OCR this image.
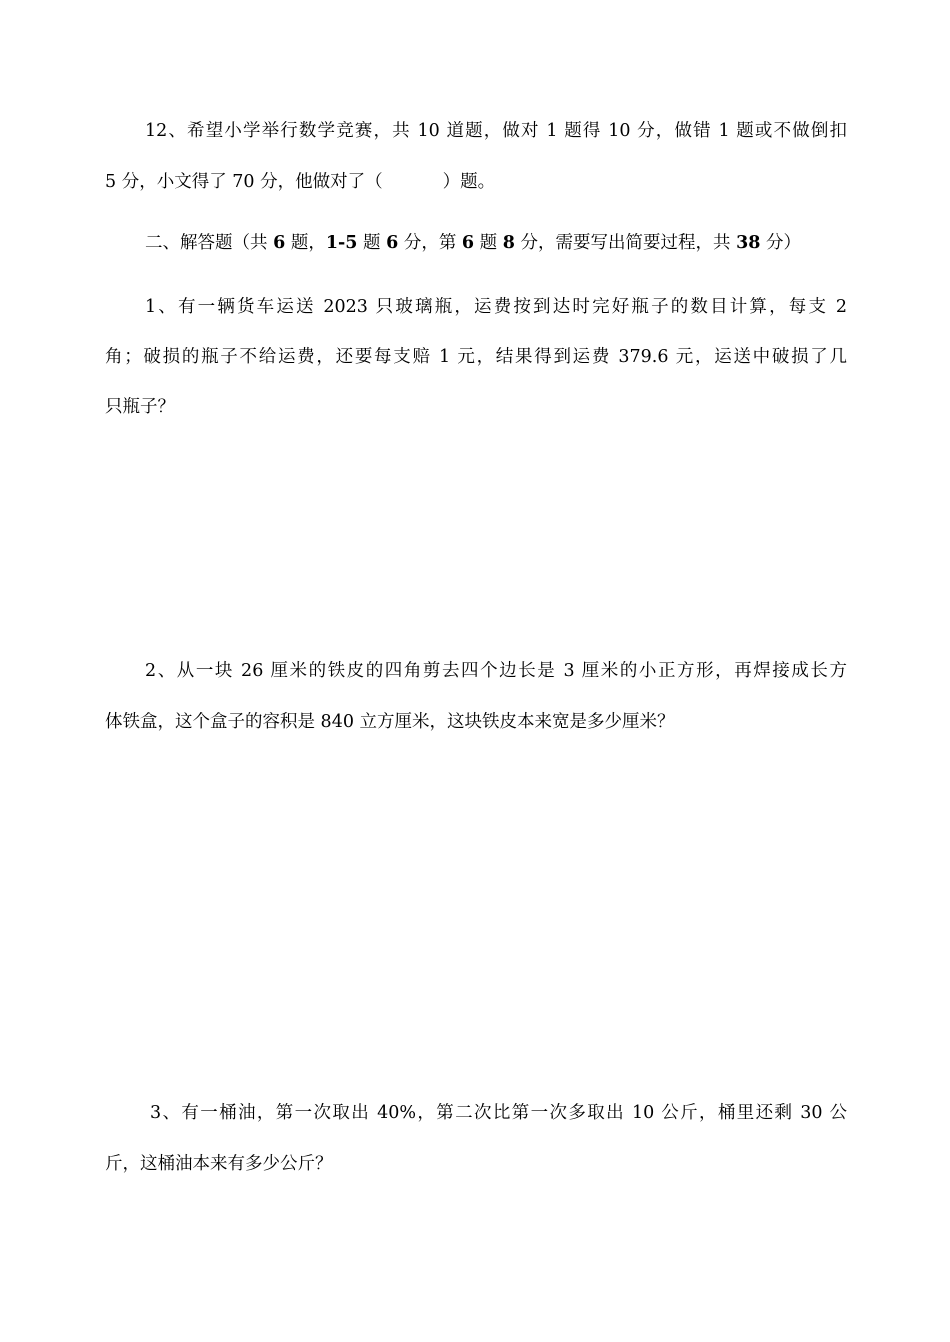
12、希望小学举行数学竞赛，共 10 道题，做对 1 题得 10 分，做错 1 题或不做倒扣
5 分，小文得了 70 分，他做对了（	）题。
二、解答题（共 6 题，1-5 题 6 分，第 6 题 8 分，需要写出简要过程，共 38 分）
1、有一辆货车运送 2023 只玻璃瓶，运费按到达时完好瓶子的数目计算，每支 2
角；破损的瓶子不给运费，还要每支赔 1 元，结果得到运费 379.6 元，运送中破损了几
只瓶子？
2、从一块 26 厘米的铁皮的四角剪去四个边长是 3 厘米的小正方形，再焊接成长方
体铁盒，这个盒子的容积是 840 立方厘米，这块铁皮本来宽是多少厘米？
3、有一桶油，第一次取出 40%，第二次比第一次多取出 10 公斤，桶里还剩 30 公
斤，这桶油本来有多少公斤？
